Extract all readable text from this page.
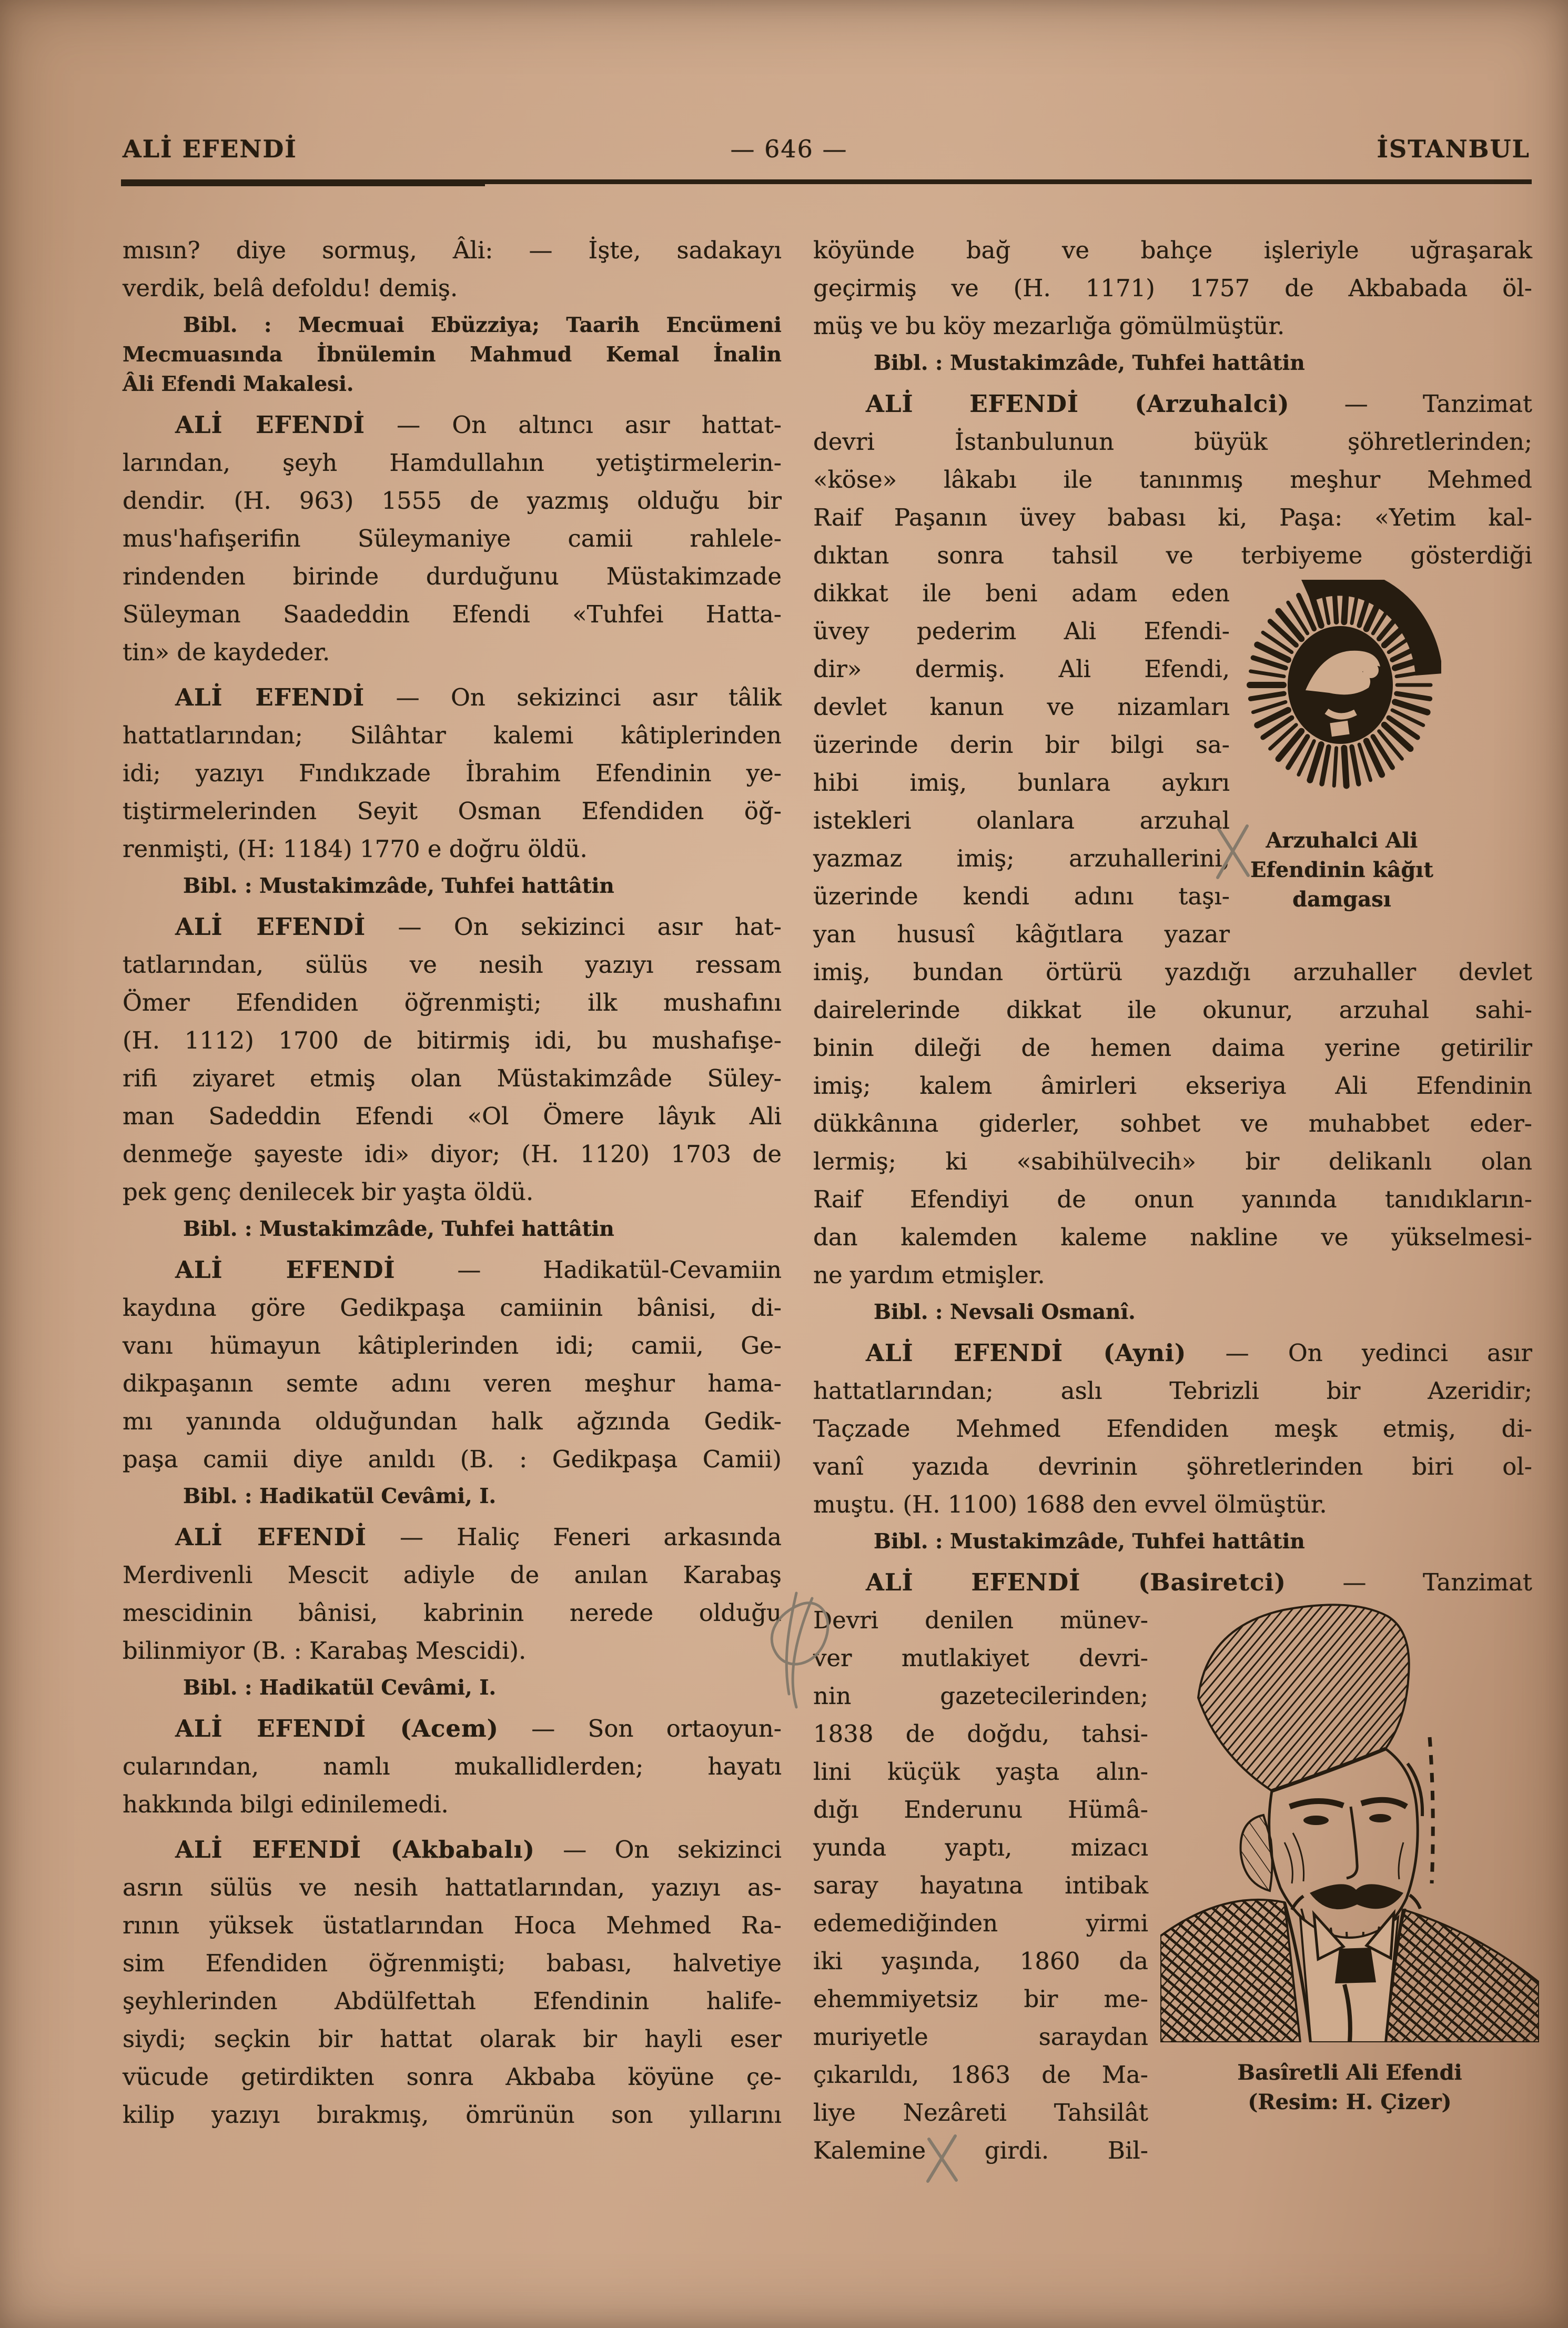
ALİ EFENDİ	— 646 —	İSTANBUL
mısın? diye sormuş, Âli: — İşte, sadakayı
verdik, belâ defoldu! demiş.
Bibl. : Mecmuai Ebüzziya; Taarih Encümeni
Mecmuasında İbnülemin Mahmud Kemal İnalin
Âli Efendi Makalesi.
ALİ EFENDİ — On altıncı asır hattat-
larından, şeyh Hamdullahın yetiştirmelerin-
dendir. (H. 963) 1555 de yazmış olduğu bir
mus'hafışerifin Süleymaniye camii rahlele-
rindenden birinde durduğunu Müstakimzade
Süleyman Saadeddin Efendi «Tuhfei Hatta-
tin» de kaydeder.
ALİ EFENDİ — On sekizinci asır tâlik
hattatlarından; Silâhtar kalemi kâtiplerinden
idi; yazıyı Fındıkzade İbrahim Efendinin ye-
tiştirmelerinden Seyit Osman Efendiden öğ-
renmişti, (H: 1184) 1770 e doğru öldü.
Bibl. : Mustakimzâde, Tuhfei hattâtin
ALİ EFENDİ — On sekizinci asır hat-
tatlarından, sülüs ve nesih yazıyı ressam
Ömer Efendiden öğrenmişti; ilk mushafını
(H. 1112) 1700 de bitirmiş idi, bu mushafışe-
rifi ziyaret etmiş olan Müstakimzâde Süley-
man Sadeddin Efendi «Ol Ömere lâyık Ali
denmeğe şayeste idi» diyor; (H. 1120) 1703 de
pek genç denilecek bir yaşta öldü.
Bibl. : Mustakimzâde, Tuhfei hattâtin
ALİ EFENDİ — Hadikatül-Cevamiin
kaydına göre Gedikpaşa camiinin bânisi, di-
vanı hümayun kâtiplerinden idi; camii, Ge-
dikpaşanın semte adını veren meşhur hama-
mı yanında olduğundan halk ağzında Gedik-
paşa camii diye anıldı (B. : Gedikpaşa Camii)
Bibl. : Hadikatül Cevâmi, I.
ALİ EFENDİ — Haliç Feneri arkasında
Merdivenli Mescit adiyle de anılan Karabaş
mescidinin bânisi, kabrinin nerede olduğu
bilinmiyor (B. : Karabaş Mescidi).
Bibl. : Hadikatül Cevâmi, I.
ALİ EFENDİ (Acem) — Son ortaoyun-
cularından, namlı mukallidlerden; hayatı
hakkında bilgi edinilemedi.
ALİ EFENDİ (Akbabalı) — On sekizinci
asrın sülüs ve nesih hattatlarından, yazıyı as-
rının yüksek üstatlarından Hoca Mehmed Ra-
sim Efendiden öğrenmişti; babası, halvetiye
şeyhlerinden Abdülfettah Efendinin halife-
siydi; seçkin bir hattat olarak bir hayli eser
vücude getirdikten sonra Akbaba köyüne çe-
kilip yazıyı bırakmış, ömrünün son yıllarını
köyünde bağ ve bahçe işleriyle uğraşarak
geçirmiş ve (H. 1171) 1757 de Akbabada öl-
müş ve bu köy mezarlığa gömülmüştür.
Bibl. : Mustakimzâde, Tuhfei hattâtin
ALİ EFENDİ (Arzuhalci) — Tanzimat
devri İstanbulunun büyük şöhretlerinden;
«köse» lâkabı ile tanınmış meşhur Mehmed
Raif Paşanın üvey babası ki, Paşa: «Yetim kal-
dıktan sonra tahsil ve terbiyeme gösterdiği
Arzuhalci Ali
Efendinin kâğıt
damgası
dikkat ile beni adam eden
üvey pederim Ali Efendi-
dir» dermiş. Ali Efendi,
devlet kanun ve nizamları
üzerinde derin bir bilgi sa-
hibi imiş, bunlara aykırı
istekleri olanlara arzuhal
yazmaz imiş; arzuhallerini,
üzerinde kendi adını taşı-
yan hususî kâğıtlara yazar
imiş, bundan örtürü yazdığı arzuhaller devlet
dairelerinde dikkat ile okunur, arzuhal sahi-
binin dileği de hemen daima yerine getirilir
imiş; kalem âmirleri ekseriya Ali Efendinin
dükkânına giderler, sohbet ve muhabbet eder-
lermiş; ki «sabihülvecih» bir delikanlı olan
Raif Efendiyi de onun yanında tanıdıkların-
dan kalemden kaleme nakline ve yükselmesi-
ne yardım etmişler.
Bibl. : Nevsali Osmanî.
ALİ EFENDİ (Ayni) — On yedinci asır
hattatlarından; aslı Tebrizli bir Azeridir;
Taçzade Mehmed Efendiden meşk etmiş, di-
vanî yazıda devrinin şöhretlerinden biri ol-
muştu. (H. 1100) 1688 den evvel ölmüştür.
Bibl. : Mustakimzâde, Tuhfei hattâtin
ALİ EFENDİ (Basiretci) — Tanzimat
Basîretli Ali Efendi
(Resim: H. Çizer)
Devri denilen münev-
ver mutlakiyet devri-
nin gazetecilerinden;
1838 de doğdu, tahsi-
lini küçük yaşta alın-
dığı Enderunu Hümâ-
yunda yaptı, mizacı
saray hayatına intibak
edemediğinden yirmi
iki yaşında, 1860 da
ehemmiyetsiz bir me-
muriyetle saraydan
çıkarıldı, 1863 de Ma-
liye Nezâreti Tahsilât
Kalemine girdi. Bil-
